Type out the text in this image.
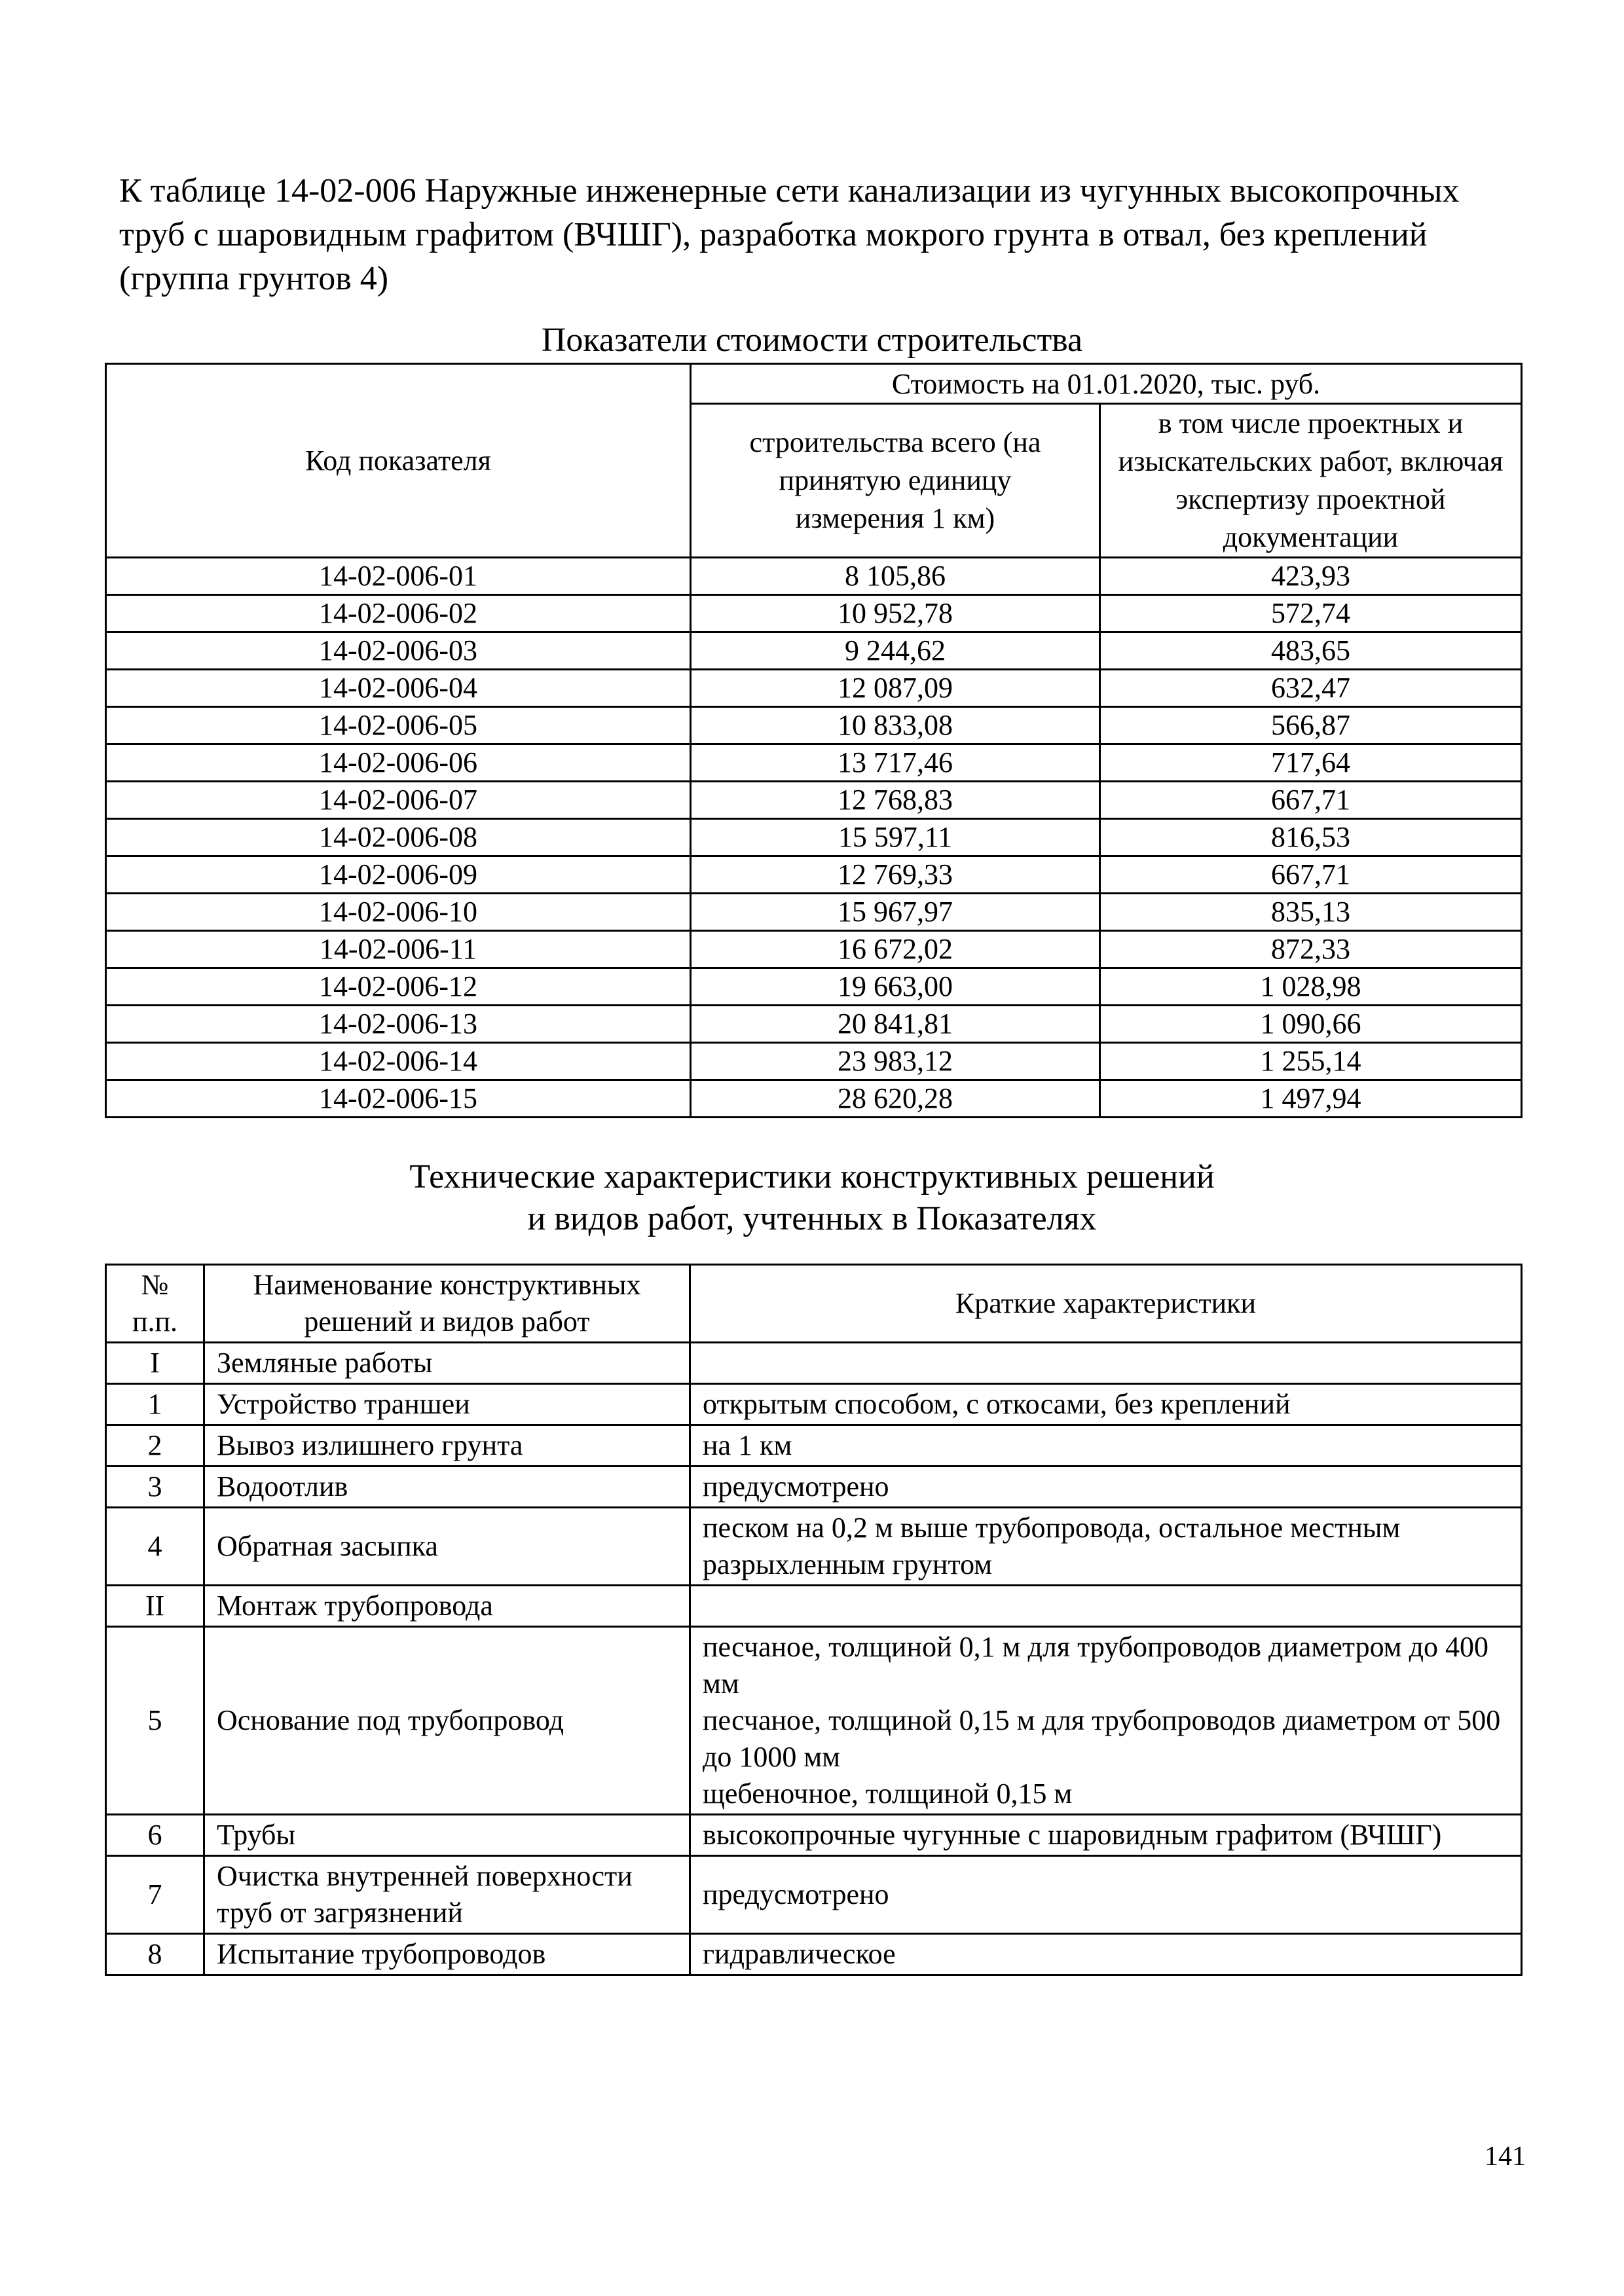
К таблице 14-02-006 Наружные инженерные сети канализации из чугунных высокопрочных труб с шаровидным графитом (ВЧШГ), разработка мокрого грунта в отвал, без креплений (группа грунтов 4)

Показатели стоимости строительства
Код показателя	Стоимость на 01.01.2020, тыс. руб.	
	строительства всего (на принятую единицу измерения 1 км)	в том числе проектных и изыскательских работ, включая экспертизу проектной документации
14-02-006-01	8 105,86	423,93
14-02-006-02	10 952,78	572,74
14-02-006-03	9 244,62	483,65
14-02-006-04	12 087,09	632,47
14-02-006-05	10 833,08	566,87
14-02-006-06	13 717,46	717,64
14-02-006-07	12 768,83	667,71
14-02-006-08	15 597,11	816,53
14-02-006-09	12 769,33	667,71
14-02-006-10	15 967,97	835,13
14-02-006-11	16 672,02	872,33
14-02-006-12	19 663,00	1 028,98
14-02-006-13	20 841,81	1 090,66
14-02-006-14	23 983,12	1 255,14
14-02-006-15	28 620,28	1 497,94
Технические характеристики конструктивных решений
и видов работ, учтенных в Показателях
№
п.п.	Наименование конструктивных решений и видов работ	Краткие характеристики
I	Земляные работы	
1	Устройство траншеи	открытым способом, с откосами, без креплений
2	Вывоз излишнего грунта	на 1 км
3	Водоотлив	предусмотрено
4	Обратная засыпка	песком на 0,2 м выше трубопровода, остальное местным разрыхленным грунтом
II	Монтаж трубопровода	
5	Основание под трубопровод	песчаное, толщиной 0,1 м для трубопроводов диаметром до 400 мм
песчаное, толщиной 0,15 м для трубопроводов диаметром от 500 до 1000 мм
щебеночное, толщиной 0,15 м
6	Трубы	высокопрочные чугунные с шаровидным графитом (ВЧШГ)
7	Очистка внутренней поверхности труб от загрязнений	предусмотрено
8	Испытание трубопроводов	гидравлическое
141
